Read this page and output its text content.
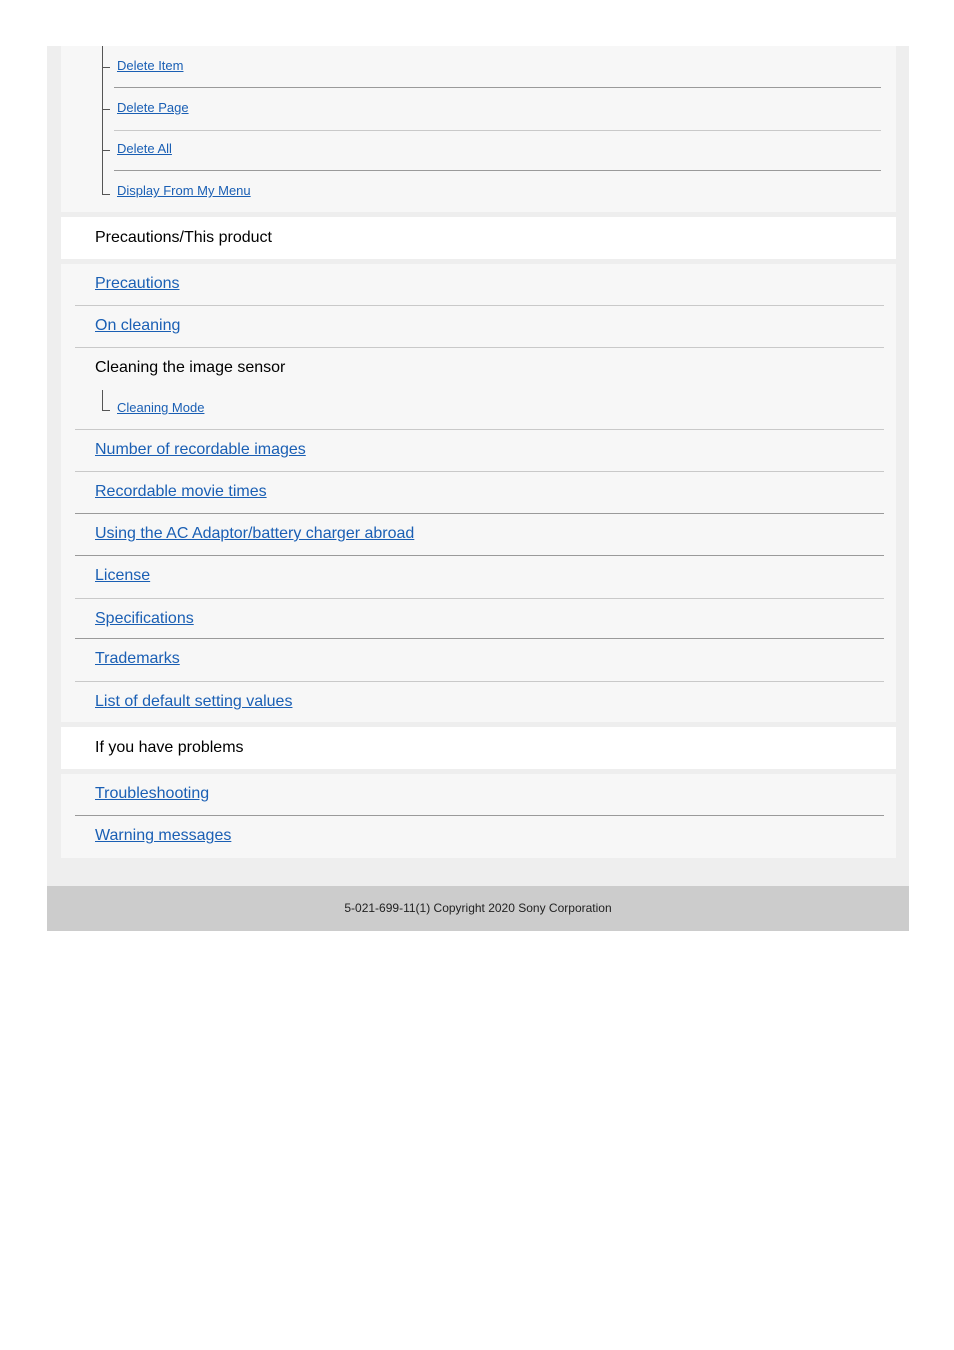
Delete Item
Delete Page
Delete All
Display From My Menu
Precautions/This product
Precautions
On cleaning
Cleaning the image sensor
Cleaning Mode
Number of recordable images
Recordable movie times
Using the AC Adaptor/battery charger abroad
License
Specifications
Trademarks
List of default setting values
If you have problems
Troubleshooting
Warning messages
5-021-699-11(1) Copyright 2020 Sony Corporation
